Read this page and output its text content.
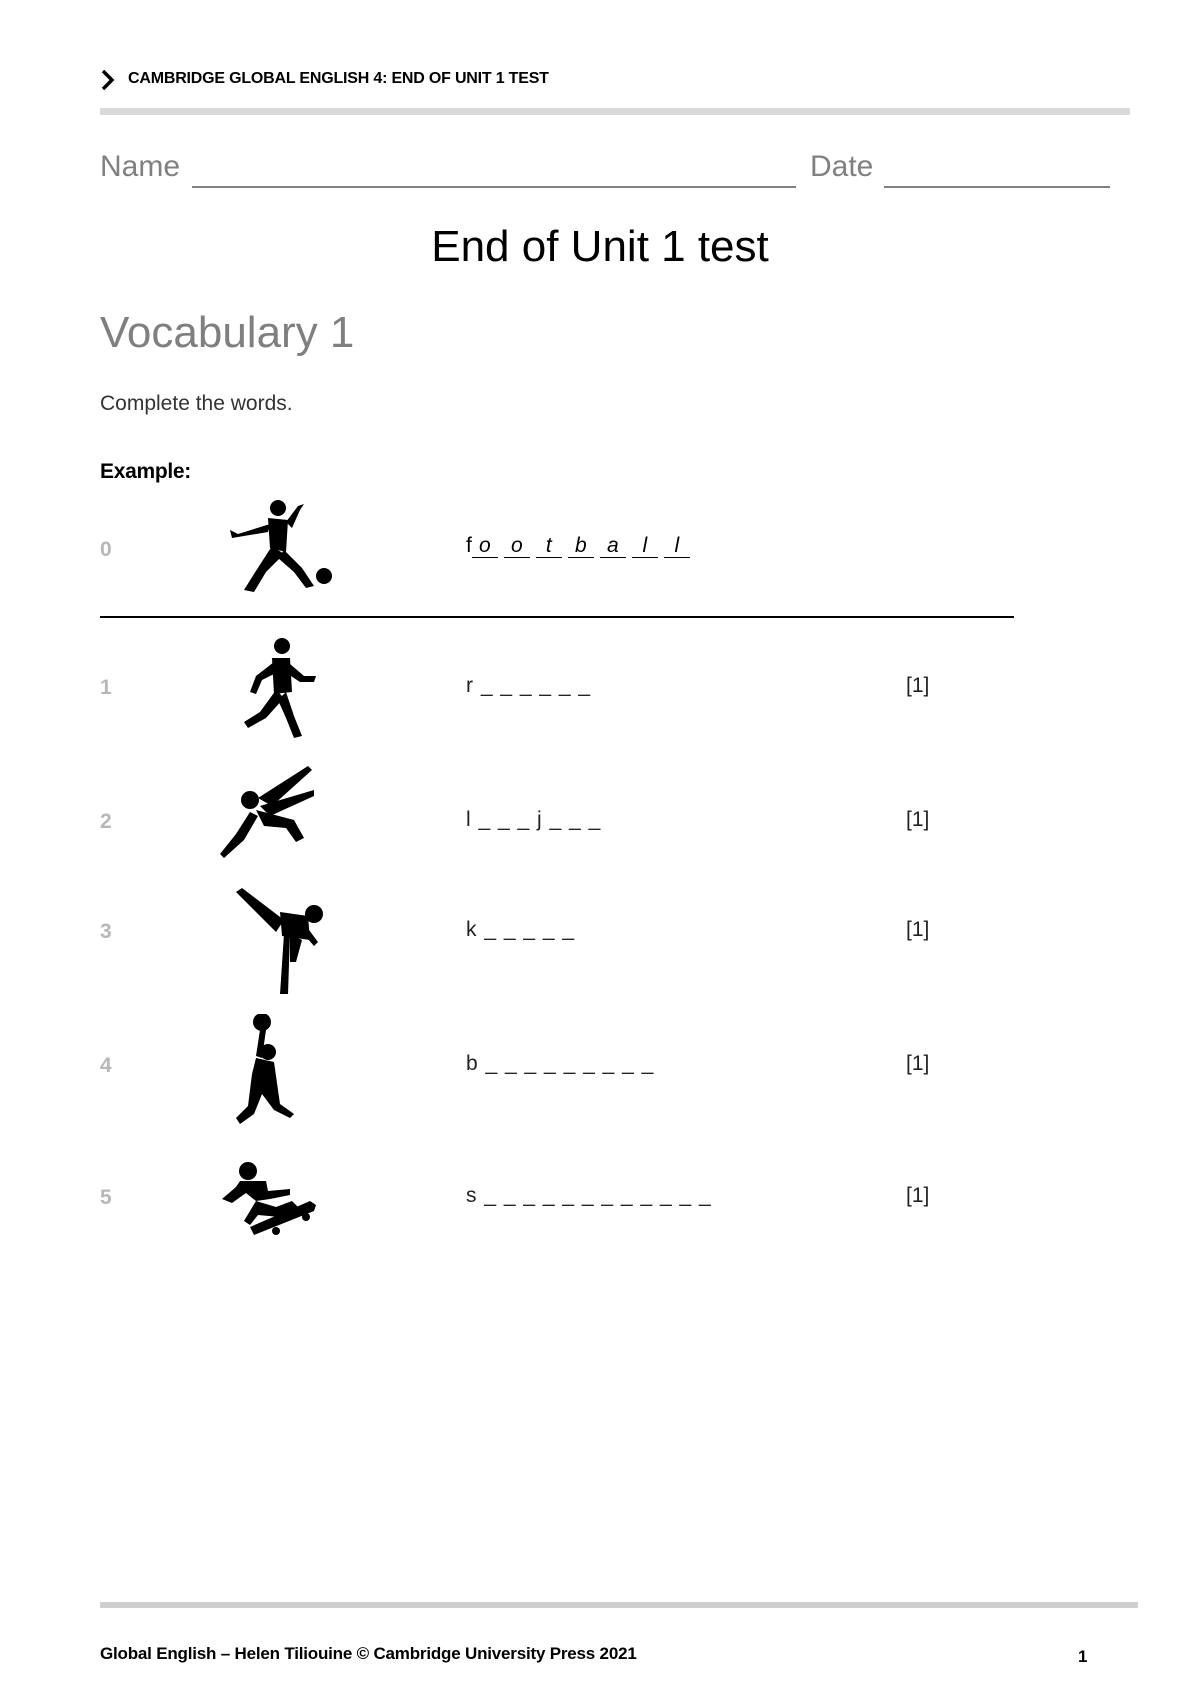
CAMBRIDGE GLOBAL ENGLISH 4: END OF UNIT 1 TEST
Name	Date
End of Unit 1 test
Vocabulary 1
Complete the words.
Example:
0	f o o t b a l l
1	r _ _ _ _ _ _	[1]
2	l _ _ _ j _ _ _	[1]
3	k _ _ _ _ _	[1]
4	b _ _ _ _ _ _ _ _ _	[1]
5	s _ _ _ _ _ _ _ _ _ _ _ _	[1]
Global English – Helen Tiliouine © Cambridge University Press 2021	1
